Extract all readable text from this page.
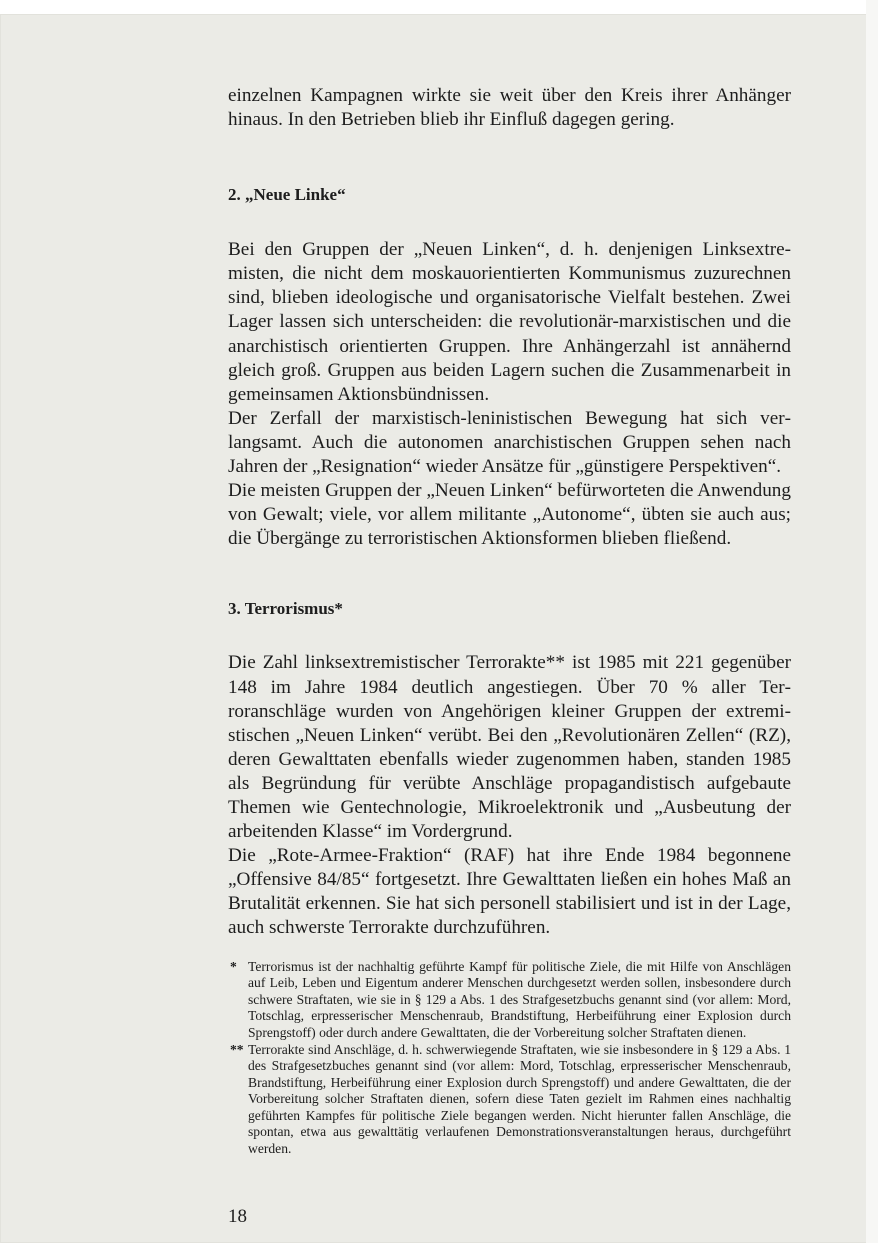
einzelnen Kampagnen wirkte sie weit über den Kreis ihrer Anhänger hinaus. In den Betrieben blieb ihr Einfluß dagegen gering.

2. „Neue Linke“

Bei den Gruppen der „Neuen Linken“, d. h. denjenigen Linksextremisten, die nicht dem moskauorientierten Kommunismus zuzurechnen sind, blieben ideologische und organisatorische Vielfalt bestehen. Zwei Lager lassen sich unterscheiden: die revolutionär-marxistischen und die anarchistisch orientierten Gruppen. Ihre Anhängerzahl ist annähernd gleich groß. Gruppen aus beiden Lagern suchen die Zusammenarbeit in gemeinsamen Aktionsbündnissen.

Der Zerfall der marxistisch-leninistischen Bewegung hat sich verlangsamt. Auch die autonomen anarchistischen Gruppen sehen nach Jahren der „Resignation“ wieder Ansätze für „günstigere Perspektiven“.

Die meisten Gruppen der „Neuen Linken“ befürworteten die Anwendung von Gewalt; viele, vor allem militante „Autonome“, übten sie auch aus; die Übergänge zu terroristischen Aktionsformen blieben fließend.

3. Terrorismus*

Die Zahl linksextremistischer Terrorakte** ist 1985 mit 221 gegenüber 148 im Jahre 1984 deutlich angestiegen. Über 70 % aller Terroranschläge wurden von Angehörigen kleiner Gruppen der extremistischen „Neuen Linken“ verübt. Bei den „Revolutionären Zellen“ (RZ), deren Gewalttaten ebenfalls wieder zugenommen haben, standen 1985 als Begründung für verübte Anschläge propagandistisch aufgebaute Themen wie Gentechnologie, Mikroelektronik und „Ausbeutung der arbeitenden Klasse“ im Vordergrund.

Die „Rote-Armee-Fraktion“ (RAF) hat ihre Ende 1984 begonnene „Offensive 84/85“ fortgesetzt. Ihre Gewalttaten ließen ein hohes Maß an Brutalität erkennen. Sie hat sich personell stabilisiert und ist in der Lage, auch schwerste Terrorakte durchzuführen.

* Terrorismus ist der nachhaltig geführte Kampf für politische Ziele, die mit Hilfe von Anschlägen auf Leib, Leben und Eigentum anderer Menschen durchgesetzt werden sollen, insbesondere durch schwere Straftaten, wie sie in § 129 a Abs. 1 des Strafgesetzbuchs genannt sind (vor allem: Mord, Totschlag, erpresserischer Menschenraub, Brandstiftung, Herbeiführung einer Explosion durch Sprengstoff) oder durch andere Gewalttaten, die der Vorbereitung solcher Straftaten dienen.

** Terrorakte sind Anschläge, d. h. schwerwiegende Straftaten, wie sie insbesondere in § 129 a Abs. 1 des Strafgesetzbuches genannt sind (vor allem: Mord, Totschlag, erpresserischer Menschenraub, Brandstiftung, Herbeiführung einer Explosion durch Sprengstoff) und andere Gewalttaten, die der Vorbereitung solcher Straftaten dienen, sofern diese Taten gezielt im Rahmen eines nachhaltig geführten Kampfes für politische Ziele begangen werden. Nicht hierunter fallen Anschläge, die spontan, etwa aus gewalttätig verlaufenen Demonstrationsveranstaltungen heraus, durchgeführt werden.

18
